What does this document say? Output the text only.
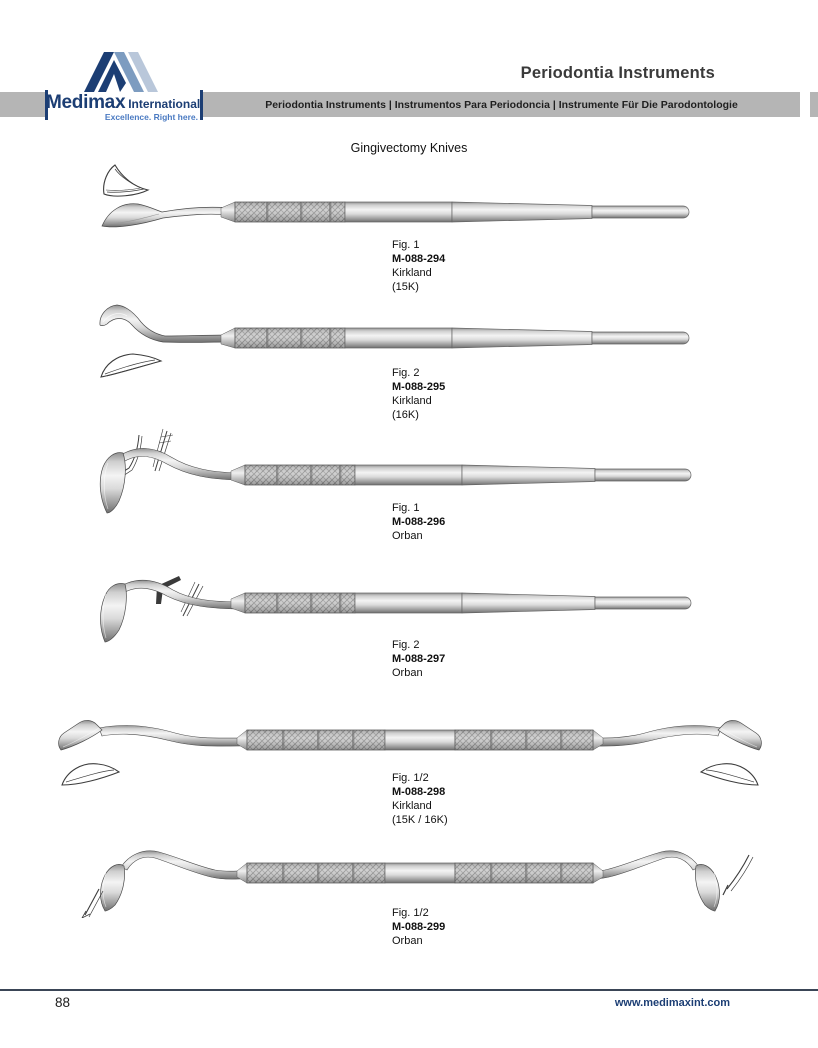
Periodontia Instruments
Periodontia Instruments | Instrumentos Para Periodoncia | Instrumente Für Die Parodontologie
Medimax International
Excellence. Right here.
Gingivectomy Knives
Fig. 1
M-088-294
Kirkland
(15K)
Fig. 2
M-088-295
Kirkland
(16K)
Fig. 1
M-088-296
Orban
Fig. 2
M-088-297
Orban
Fig. 1/2
M-088-298
Kirkland
(15K / 16K)
Fig. 1/2
M-088-299
Orban
88	www.medimaxint.com
